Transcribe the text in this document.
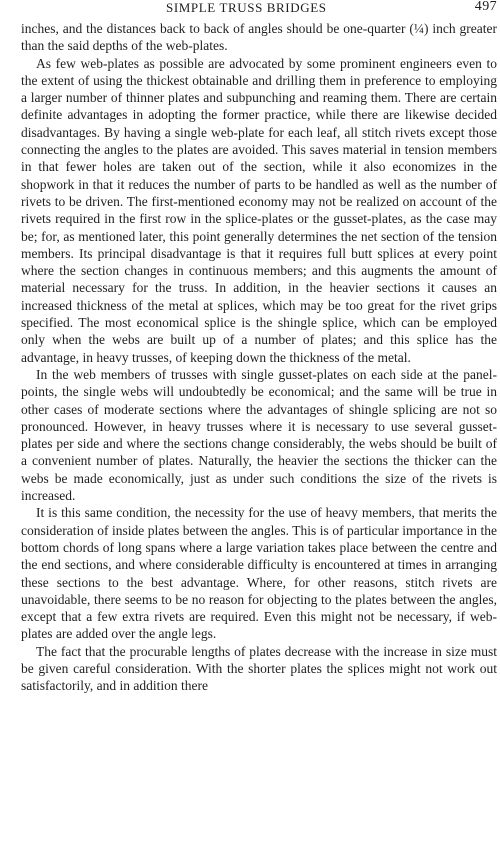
SIMPLE TRUSS BRIDGES	497

inches, and the distances back to back of angles should be one-quarter (¼) inch greater than the said depths of the web-plates.

As few web-plates as possible are advocated by some prominent engineers even to the extent of using the thickest obtainable and drilling them in preference to employing a larger number of thinner plates and subpunching and reaming them. There are certain definite advantages in adopting the former practice, while there are likewise decided disadvantages. By having a single web-plate for each leaf, all stitch rivets except those connecting the angles to the plates are avoided. This saves material in tension members in that fewer holes are taken out of the section, while it also economizes in the shopwork in that it reduces the number of parts to be handled as well as the number of rivets to be driven. The first-mentioned economy may not be realized on account of the rivets required in the first row in the splice-plates or the gusset-plates, as the case may be; for, as mentioned later, this point generally determines the net section of the tension members. Its principal disadvantage is that it requires full butt splices at every point where the section changes in continuous members; and this augments the amount of material necessary for the truss. In addition, in the heavier sections it causes an increased thickness of the metal at splices, which may be too great for the rivet grips specified. The most economical splice is the shingle splice, which can be employed only when the webs are built up of a number of plates; and this splice has the advantage, in heavy trusses, of keeping down the thickness of the metal.

In the web members of trusses with single gusset-plates on each side at the panel-points, the single webs will undoubtedly be economical; and the same will be true in other cases of moderate sections where the advantages of shingle splicing are not so pronounced. However, in heavy trusses where it is necessary to use several gusset-plates per side and where the sections change considerably, the webs should be built of a convenient number of plates. Naturally, the heavier the sections the thicker can the webs be made economically, just as under such conditions the size of the rivets is increased.

It is this same condition, the necessity for the use of heavy members, that merits the consideration of inside plates between the angles. This is of particular importance in the bottom chords of long spans where a large variation takes place between the centre and the end sections, and where considerable difficulty is encountered at times in arranging these sections to the best advantage. Where, for other reasons, stitch rivets are unavoidable, there seems to be no reason for objecting to the plates between the angles, except that a few extra rivets are required. Even this might not be necessary, if web-plates are added over the angle legs.

The fact that the procurable lengths of plates decrease with the increase in size must be given careful consideration. With the shorter plates the splices might not work out satisfactorily, and in addition there
